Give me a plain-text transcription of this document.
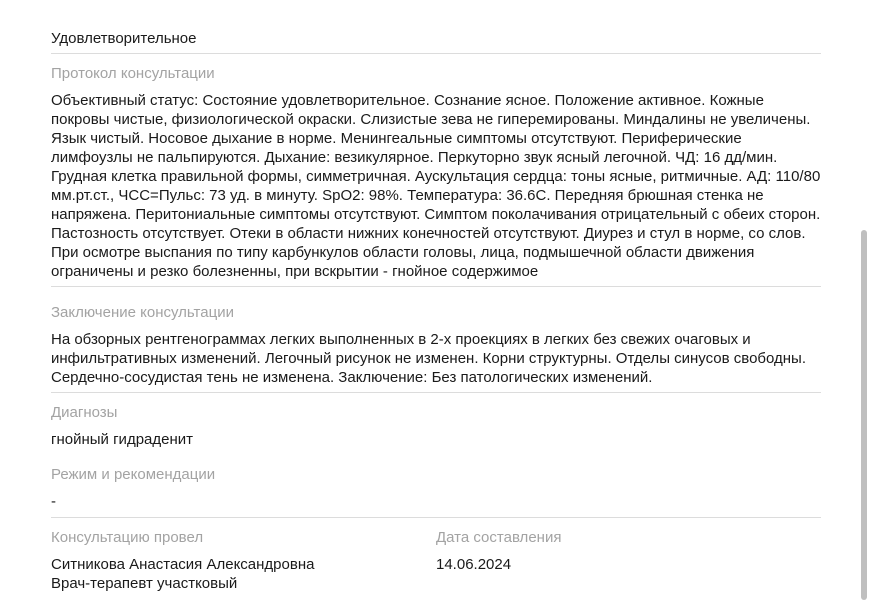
Удовлетворительное
Протокол консультации
Объективный статус: Состояние удовлетворительное. Сознание ясное. Положение активное. Кожные покровы чистые, физиологической окраски. Слизистые зева не гиперемированы. Миндалины не увеличены. Язык чистый. Носовое дыхание в норме. Менингеальные симптомы отсутствуют. Периферические лимфоузлы не пальпируются. Дыхание: везикулярное. Перкуторно звук ясный легочной. ЧД: 16 дд/мин. Грудная клетка правильной формы, симметричная. Аускультация сердца: тоны ясные, ритмичные. АД: 110/80 мм.рт.ст., ЧСС=Пульс: 73 уд. в минуту. SpO2: 98%. Температура: 36.6С. Передняя брюшная стенка не напряжена. Перитониальные симптомы отсутствуют. Симптом поколачивания отрицательный с обеих сторон. Пастозность отсутствует. Отеки в области нижних конечностей отсутствуют. Диурез и стул в норме, со слов. При осмотре выспания по типу карбункулов области головы, лица, подмышечной области движения ограничены и резко болезненны, при вскрытии - гнойное содержимое
Заключение консультации
На обзорных рентгенограммах легких выполненных в 2-х проекциях в легких без свежих очаговых и инфильтративных изменений. Легочный рисунок не изменен. Корни структурны. Отделы синусов свободны. Сердечно-сосудистая тень не изменена. Заключение: Без патологических изменений.
Диагнозы
гнойный гидраденит
Режим и рекомендации
-
Консультацию провел
Ситникова Анастасия Александровна
Врач-терапевт участковый
Дата составления
14.06.2024
